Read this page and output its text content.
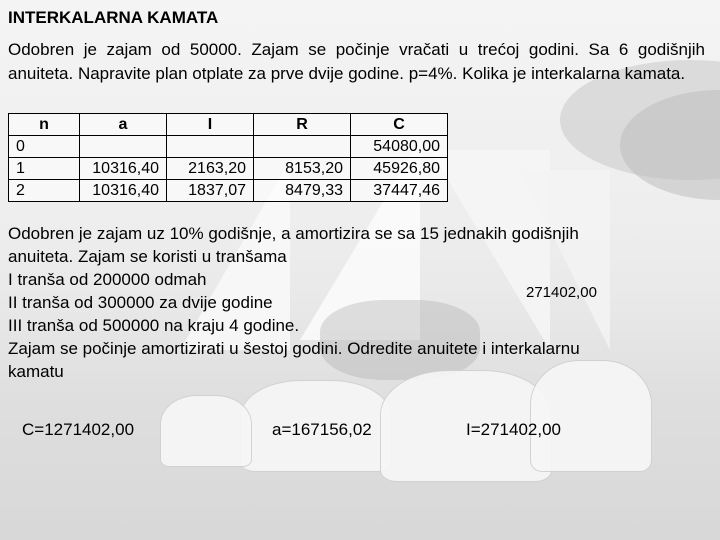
INTERKALARNA KAMATA

Odobren je zajam od 50000. Zajam se počinje vračati u trećoj godini. Sa 6 godišnjih anuiteta. Napravite plan otplate za prve dvije godine. p=4%. Kolika je interkalarna kamata.

n	a	I	R	C
0				54080,00
1	10316,40	2163,20	8153,20	45926,80
2	10316,40	1837,07	8479,33	37447,46
Odobren je zajam uz 10% godišnje, a amortizira se sa 15 jednakih godišnjih
anuiteta. Zajam se koristi u tranšama
I tranša od 200000 odmah
II tranša od 300000 za dvije godine
III tranša od 500000 na kraju 4 godine.
Zajam se počinje amortizirati u šestoj godini. Odredite anuitete i interkalarnu
kamatu
271402,00
C=1271402,00	a=167156,02	I=271402,00
